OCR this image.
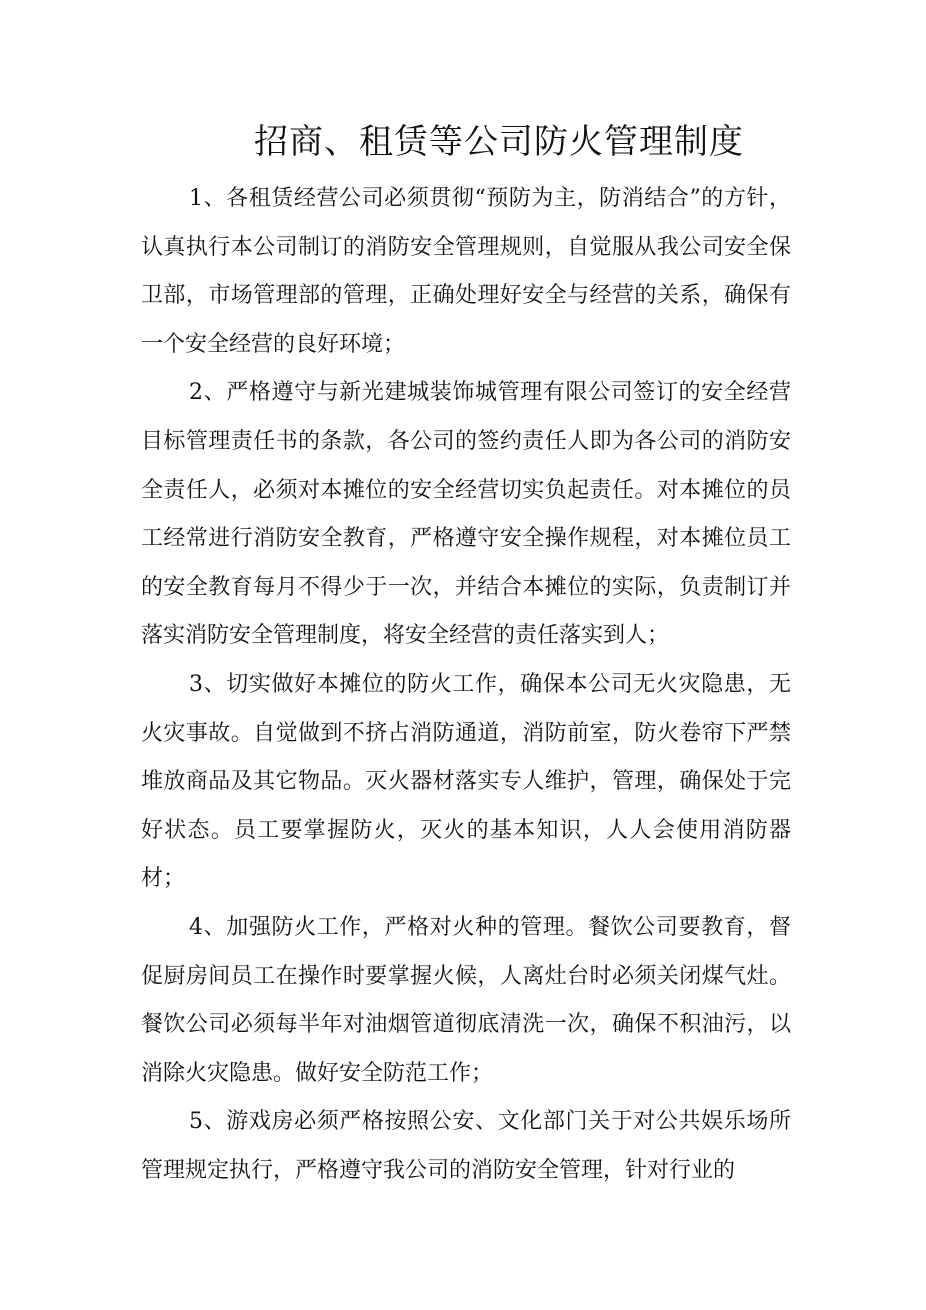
招商、租赁等公司防火管理制度

1、各租赁经营公司必须贯彻“预防为主，防消结合”的方针，认真执行本公司制订的消防安全管理规则，自觉服从我公司安全保卫部，市场管理部的管理，正确处理好安全与经营的关系，确保有一个安全经营的良好环境；

2、严格遵守与新光建城装饰城管理有限公司签订的安全经营目标管理责任书的条款，各公司的签约责任人即为各公司的消防安全责任人，必须对本摊位的安全经营切实负起责任。对本摊位的员工经常进行消防安全教育，严格遵守安全操作规程，对本摊位员工的安全教育每月不得少于一次，并结合本摊位的实际，负责制订并落实消防安全管理制度，将安全经营的责任落实到人；

3、切实做好本摊位的防火工作，确保本公司无火灾隐患，无火灾事故。自觉做到不挤占消防通道，消防前室，防火卷帘下严禁堆放商品及其它物品。灭火器材落实专人维护，管理，确保处于完好状态。员工要掌握防火，灭火的基本知识，人人会使用消防器材；

4、加强防火工作，严格对火种的管理。餐饮公司要教育，督促厨房间员工在操作时要掌握火候，人离灶台时必须关闭煤气灶。餐饮公司必须每半年对油烟管道彻底清洗一次，确保不积油污，以消除火灾隐患。做好安全防范工作；

5、游戏房必须严格按照公安、文化部门关于对公共娱乐场所管理规定执行，严格遵守我公司的消防安全管理，针对行业的
